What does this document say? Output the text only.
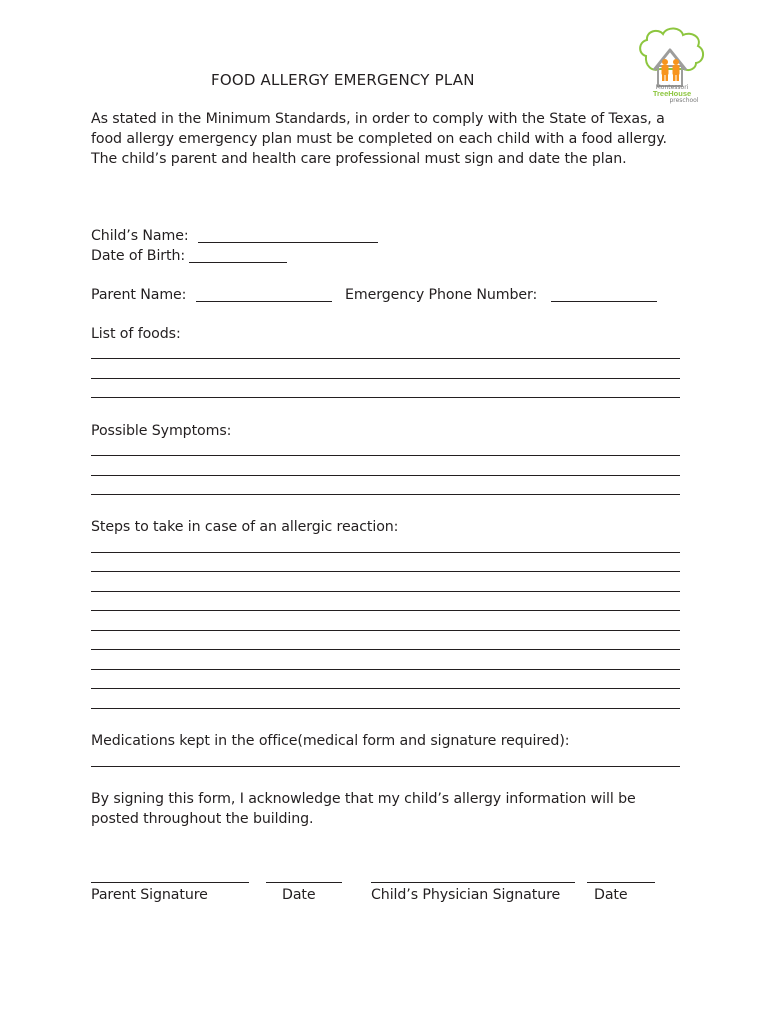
Montessori
TreeHouse
preschool
FOOD ALLERGY EMERGENCY PLAN
As stated in the Minimum Standards, in order to comply with the State of Texas, a food allergy emergency plan must be completed on each child with a food allergy. The child’s parent and health care professional must sign and date the plan.
Child’s Name:
Date of Birth:
Parent Name:	Emergency Phone Number:
List of foods:
Possible Symptoms:
Steps to take in case of an allergic reaction:
Medications kept in the office(medical form and signature required):
By signing this form, I acknowledge that my child’s allergy information will be posted throughout the building.
Parent Signature	Date	Child’s Physician Signature Date
